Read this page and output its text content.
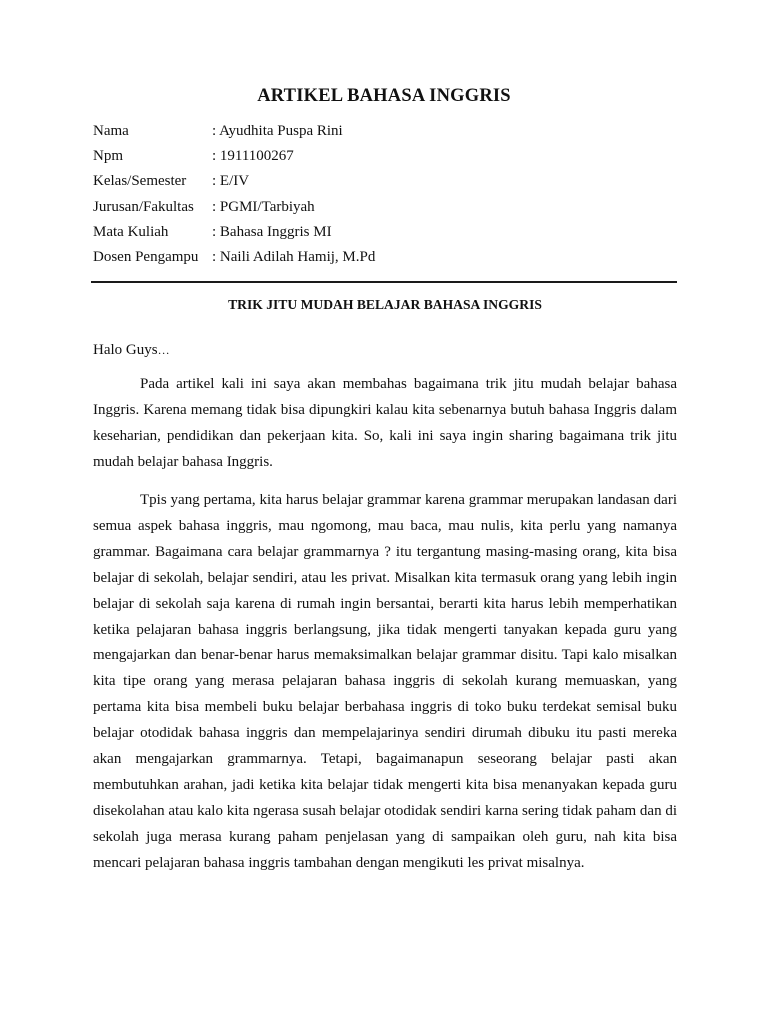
ARTIKEL BAHASA INGGRIS
Nama	: Ayudhita Puspa Rini
Npm	: 1911100267
Kelas/Semester	: E/IV
Jurusan/Fakultas	: PGMI/Tarbiyah
Mata Kuliah	: Bahasa Inggris MI
Dosen Pengampu : Naili Adilah Hamij, M.Pd
TRIK JITU MUDAH BELAJAR BAHASA INGGRIS
Halo Guys…

Pada artikel kali ini saya akan membahas bagaimana trik jitu mudah belajar bahasa Inggris. Karena memang tidak bisa dipungkiri kalau kita sebenarnya butuh bahasa Inggris dalam keseharian, pendidikan dan pekerjaan kita. So, kali ini saya ingin sharing bagaimana trik jitu mudah belajar bahasa Inggris.

Tpis yang pertama, kita harus belajar grammar karena grammar merupakan landasan dari semua aspek bahasa inggris, mau ngomong, mau baca, mau nulis, kita perlu yang namanya grammar. Bagaimana cara belajar grammarnya ? itu tergantung masing-masing orang, kita bisa belajar di sekolah, belajar sendiri, atau les privat. Misalkan kita termasuk orang yang lebih ingin belajar di sekolah saja karena di rumah ingin bersantai, berarti kita harus lebih memperhatikan ketika pelajaran bahasa inggris berlangsung, jika tidak mengerti tanyakan kepada guru yang mengajarkan dan benar-benar harus memaksimalkan belajar grammar disitu. Tapi kalo misalkan kita tipe orang yang merasa pelajaran bahasa inggris di sekolah kurang memuaskan, yang pertama kita bisa membeli buku belajar berbahasa inggris di toko buku terdekat semisal buku belajar otodidak bahasa inggris dan mempelajarinya sendiri dirumah dibuku itu pasti mereka akan mengajarkan grammarnya. Tetapi, bagaimanapun seseorang belajar pasti akan membutuhkan arahan, jadi ketika kita belajar tidak mengerti kita bisa menanyakan kepada guru disekolahan atau kalo kita ngerasa susah belajar otodidak sendiri karna sering tidak paham dan di sekolah juga merasa kurang paham penjelasan yang di sampaikan oleh guru, nah kita bisa mencari pelajaran bahasa inggris tambahan dengan mengikuti les privat misalnya.
